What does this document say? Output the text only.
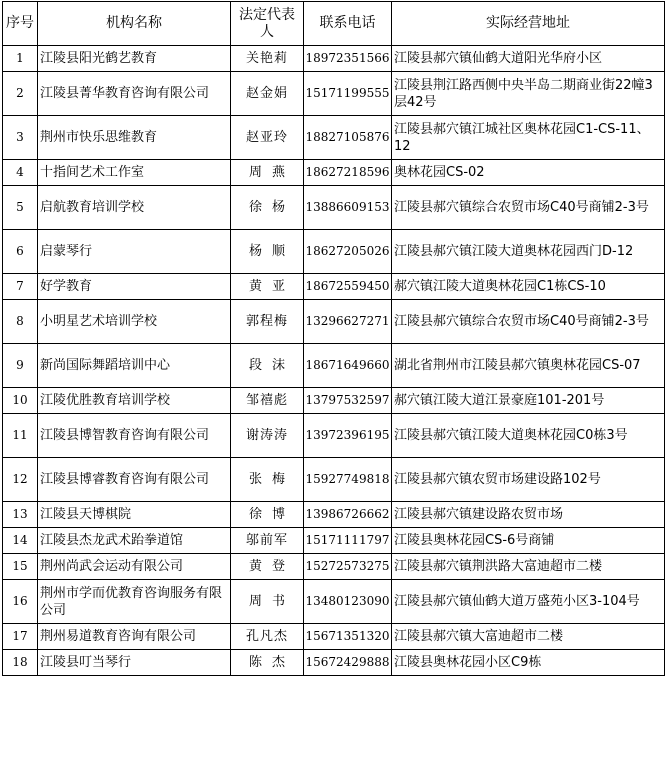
序号	机构名称	法定代表人	联系电话	实际经营地址
1	江陵县阳光鹤艺教育	关艳莉	18972351566	江陵县郝穴镇仙鹤大道阳光华府小区
2	江陵县菁华教育咨询有限公司	赵金娟	15171199555	江陵县荆江路西侧中央半岛二期商业街22幢3层42号
3	荆州市快乐思维教育	赵亚玲	18827105876	江陵县郝穴镇江城社区奥林花园C1-CS-11、12
4	十指间艺术工作室	周燕	18627218596	奥林花园CS-02
5	启航教育培训学校	徐杨	13886609153	江陵县郝穴镇综合农贸市场C40号商铺2-3号
6	启蒙琴行	杨顺	18627205026	江陵县郝穴镇江陵大道奥林花园西门D-12
7	好学教育	黄亚	18672559450	郝穴镇江陵大道奥林花园C1栋CS-10
8	小明星艺术培训学校	郭程梅	13296627271	江陵县郝穴镇综合农贸市场C40号商铺2-3号
9	新尚国际舞蹈培训中心	段沫	18671649660	湖北省荆州市江陵县郝穴镇奥林花园CS-07
10	江陵优胜教育培训学校	邹禧彪	13797532597	郝穴镇江陵大道江景豪庭101-201号
11	江陵县博智教育咨询有限公司	谢涛涛	13972396195	江陵县郝穴镇江陵大道奥林花园C0栋3号
12	江陵县博睿教育咨询有限公司	张梅	15927749818	江陵县郝穴镇农贸市场建设路102号
13	江陵县天博棋院	徐博	13986726662	江陵县郝穴镇建设路农贸市场
14	江陵县杰龙武术跆拳道馆	邬前军	15171111797	江陵县奥林花园CS-6号商铺
15	荆州尚武会运动有限公司	黄登	15272573275	江陵县郝穴镇荆洪路大富迪超市二楼
16	荆州市学而优教育咨询服务有限公司	周书	13480123090	江陵县郝穴镇仙鹤大道万盛苑小区3-104号
17	荆州易道教育咨询有限公司	孔凡杰	15671351320	江陵县郝穴镇大富迪超市二楼
18	江陵县叮当琴行	陈杰	15672429888	江陵县奥林花园小区C9栋
